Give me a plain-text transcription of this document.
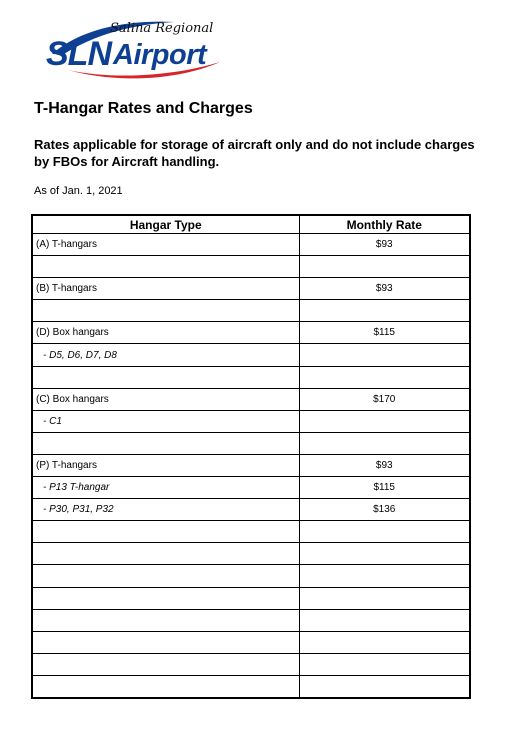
Salina Regional
SLN Airport
T-Hangar Rates and Charges
Rates applicable for storage of aircraft only and do not include charges by FBOs for Aircraft handling.
As of Jan. 1, 2021
Hangar Type	Monthly Rate
(A) T-hangars	$93

(B) T-hangars	$93

(D) Box hangars	$115
- D5, D6, D7, D8	

(C) Box hangars	$170
- C1	

(P) T-hangars	$93
- P13 T-hangar	$115
- P30, P31, P32	$136
